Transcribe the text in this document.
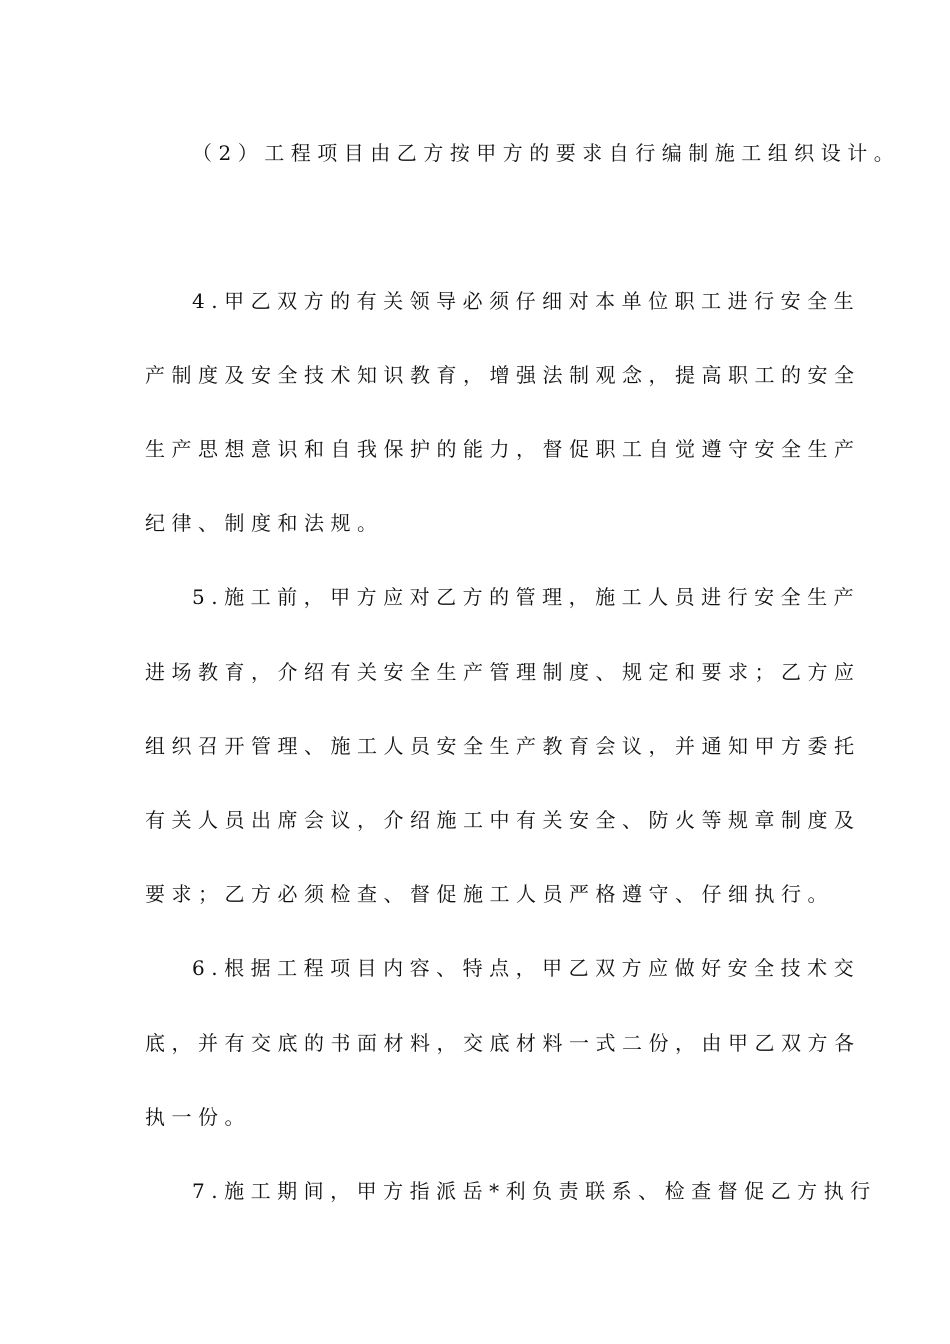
（2）工程项目由乙方按甲方的要求自行编制施工组织设计。
4.甲乙双方的有关领导必须仔细对本单位职工进行安全生
产制度及安全技术知识教育，增强法制观念，提高职工的安全
生产思想意识和自我保护的能力，督促职工自觉遵守安全生产
纪律、制度和法规。
5.施工前，甲方应对乙方的管理，施工人员进行安全生产
进场教育，介绍有关安全生产管理制度、规定和要求；乙方应
组织召开管理、施工人员安全生产教育会议，并通知甲方委托
有关人员出席会议，介绍施工中有关安全、防火等规章制度及
要求；乙方必须检查、督促施工人员严格遵守、仔细执行。
6.根据工程项目内容、特点，甲乙双方应做好安全技术交
底，并有交底的书面材料，交底材料一式二份，由甲乙双方各
执一份。
7.施工期间，甲方指派岳*利负责联系、检查督促乙方执行
